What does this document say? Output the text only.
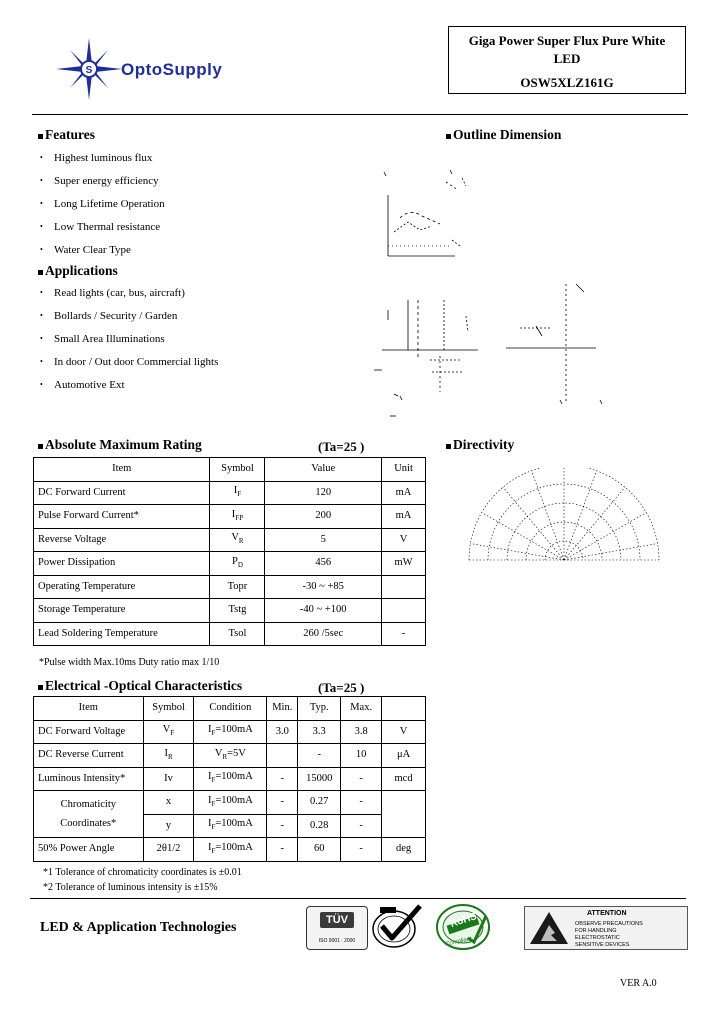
S OptoSupply
Giga Power Super Flux Pure White
LED
OSW5XLZ161G
Features
• Highest luminous flux
• Super energy efficiency
• Long Lifetime Operation
• Low Thermal resistance
• Water Clear Type
Applications
• Read lights (car, bus, aircraft)
• Bollards / Security / Garden
• Small Area Illuminations
• In door / Out door Commercial lights
• Automotive Ext
Outline Dimension
Directivity
Absolute Maximum Rating	(Ta=25 )
Item	Symbol	Value	Unit
DC Forward Current	$I_F$	120	mA
Pulse Forward Current*	$I_{FP}$	200	mA
Reverse Voltage	$V_R$	5	V
Power Dissipation	$P_D$	456	mW
Operating Temperature	Topr	-30 ~ +85	
Storage Temperature	Tstg	-40 ~ +100	
Lead Soldering Temperature	Tsol	260 /5sec	-
*Pulse width Max.10ms Duty ratio max 1/10
Electrical -Optical Characteristics	(Ta=25 )
Item	Symbol	Condition	Min.	Typ.	Max.	
DC Forward Voltage	$V_F$	$I_F=100mA$	3.0	3.3	3.8	V
DC Reverse Current	$I_R$	$V_R=5V$		-	10	μA
Luminous Intensity*	Iv	$I_F=100mA$	-	15000	-	mcd
Chromaticity
Coordinates*	x	$I_F=100mA$	-	0.27	-	
	y	$I_F=100mA$	-	0.28	-	
50% Power Angle	2θ1/2	$I_F=100mA$	-	60	-	deg
*1 Tolerance of chromaticity coordinates is ±0.01
*2 Tolerance of luminous intensity is ±15%
LED & Application Technologies	TÜV
ISO 9001 : 2000
RoHS
Compliant
ATTENTION
OBSERVE PRECAUTIONS
FOR HANDLING
ELECTROSTATIC
SENSITIVE DEVICES
VER A.0
